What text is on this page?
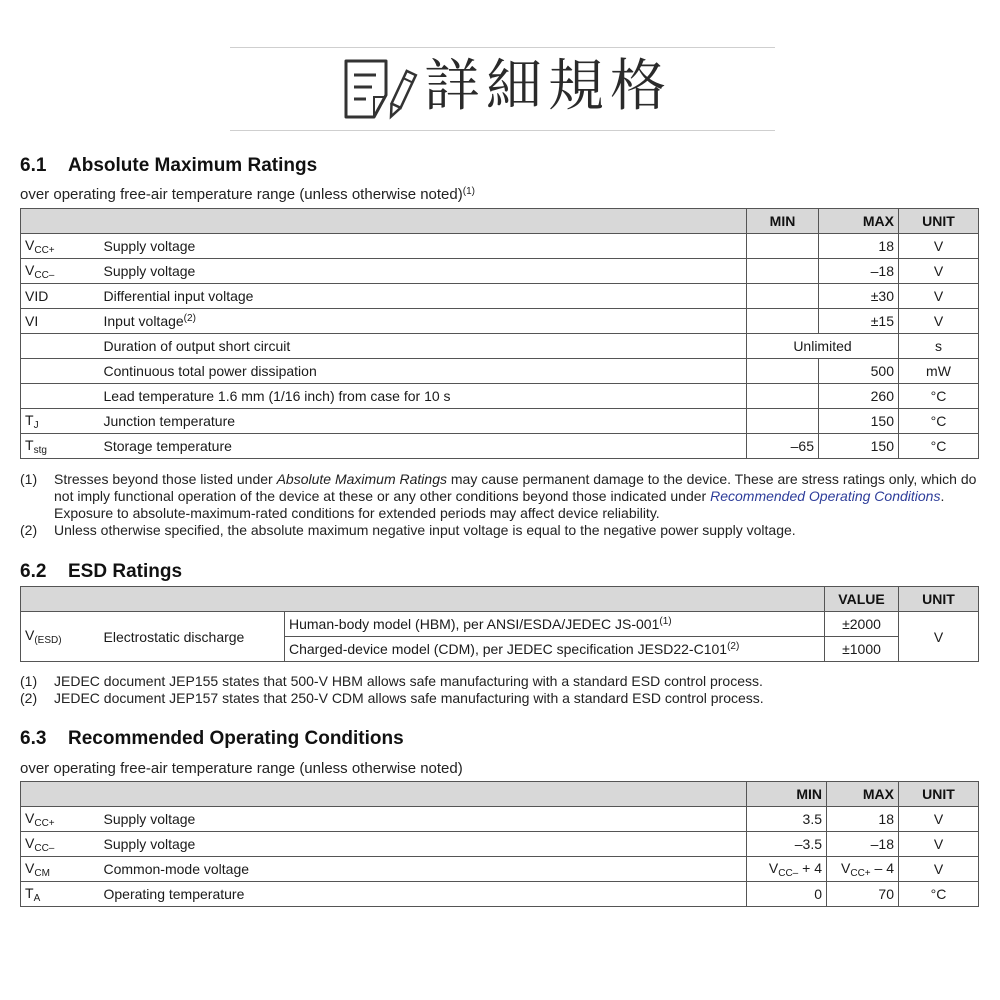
詳細規格
6.1 Absolute Maximum Ratings
over operating free-air temperature range (unless otherwise noted)$^{(1)}$
		MIN	MAX	UNIT
$V_{CC+}$	Supply voltage		18	V
$V_{CC-}$	Supply voltage		–18	V
VID	Differential input voltage		±30	V
VI	Input voltage$^{(2)}$		±15	V
	Duration of output short circuit	Unlimited		s
	Continuous total power dissipation		500	mW
	Lead temperature 1.6 mm (1/16 inch) from case for 10 s		260	°C
$T_J$	Junction temperature		150	°C
$T_{stg}$	Storage temperature	–65	150	°C
(1)	Stresses beyond those listed under Absolute Maximum Ratings may cause permanent damage to the device. These are stress ratings only, which do not imply functional operation of the device at these or any other conditions beyond those indicated under Recommended Operating Conditions. Exposure to absolute-maximum-rated conditions for extended periods may affect device reliability.
(2)	Unless otherwise specified, the absolute maximum negative input voltage is equal to the negative power supply voltage.
6.2 ESD Ratings
			VALUE	UNIT
$V_{(ESD)}$	Electrostatic discharge	Human-body model (HBM), per ANSI/ESDA/JEDEC $JS-001^{(1)}$	±2000	V
		Charged-device model (CDM), per JEDEC specification $JESD22-C101^{(2)}$	±1000	
(1)	JEDEC document JEP155 states that 500-V HBM allows safe manufacturing with a standard ESD control process.
(2)	JEDEC document JEP157 states that 250-V CDM allows safe manufacturing with a standard ESD control process.
6.3 Recommended Operating Conditions
over operating free-air temperature range (unless otherwise noted)
		MIN	MAX	UNIT
$V_{CC+}$	Supply voltage	3.5	18	V
$V_{CC-}$	Supply voltage	–3.5	–18	V
$V_{CM}$	Common-mode voltage	$V_{CC-} + 4$	$V_{CC+} - 4$	V
$T_A$	Operating temperature	0	70	°C
